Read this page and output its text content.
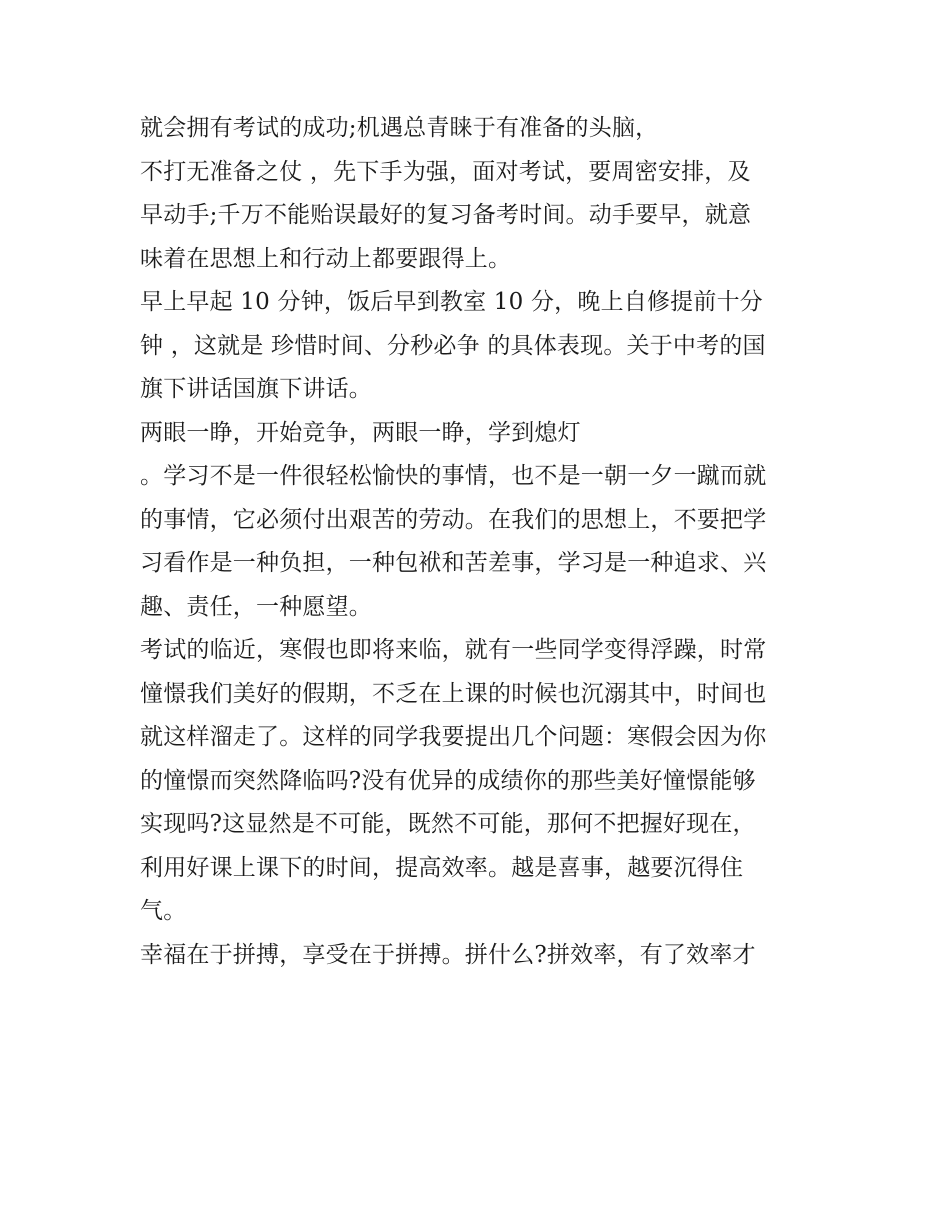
就会拥有考试的成功;机遇总青睐于有准备的头脑，
不打无准备之仗 ，先下手为强，面对考试，要周密安排，及
早动手;千万不能贻误最好的复习备考时间。动手要早，就意
味着在思想上和行动上都要跟得上。
早上早起 10 分钟，饭后早到教室 10 分，晚上自修提前十分
钟 ，这就是 珍惜时间、分秒必争 的具体表现。关于中考的国
旗下讲话国旗下讲话。
两眼一睁，开始竞争，两眼一睁，学到熄灯
。学习不是一件很轻松愉快的事情，也不是一朝一夕一蹴而就
的事情，它必须付出艰苦的劳动。在我们的思想上，不要把学
习看作是一种负担，一种包袱和苦差事，学习是一种追求、兴
趣、责任，一种愿望。
考试的临近，寒假也即将来临，就有一些同学变得浮躁，时常
憧憬我们美好的假期，不乏在上课的时候也沉溺其中，时间也
就这样溜走了。这样的同学我要提出几个问题：寒假会因为你
的憧憬而突然降临吗?没有优异的成绩你的那些美好憧憬能够
实现吗?这显然是不可能，既然不可能，那何不把握好现在，
利用好课上课下的时间，提高效率。越是喜事，越要沉得住
气。
幸福在于拼搏，享受在于拼搏。拼什么?拼效率，有了效率才
